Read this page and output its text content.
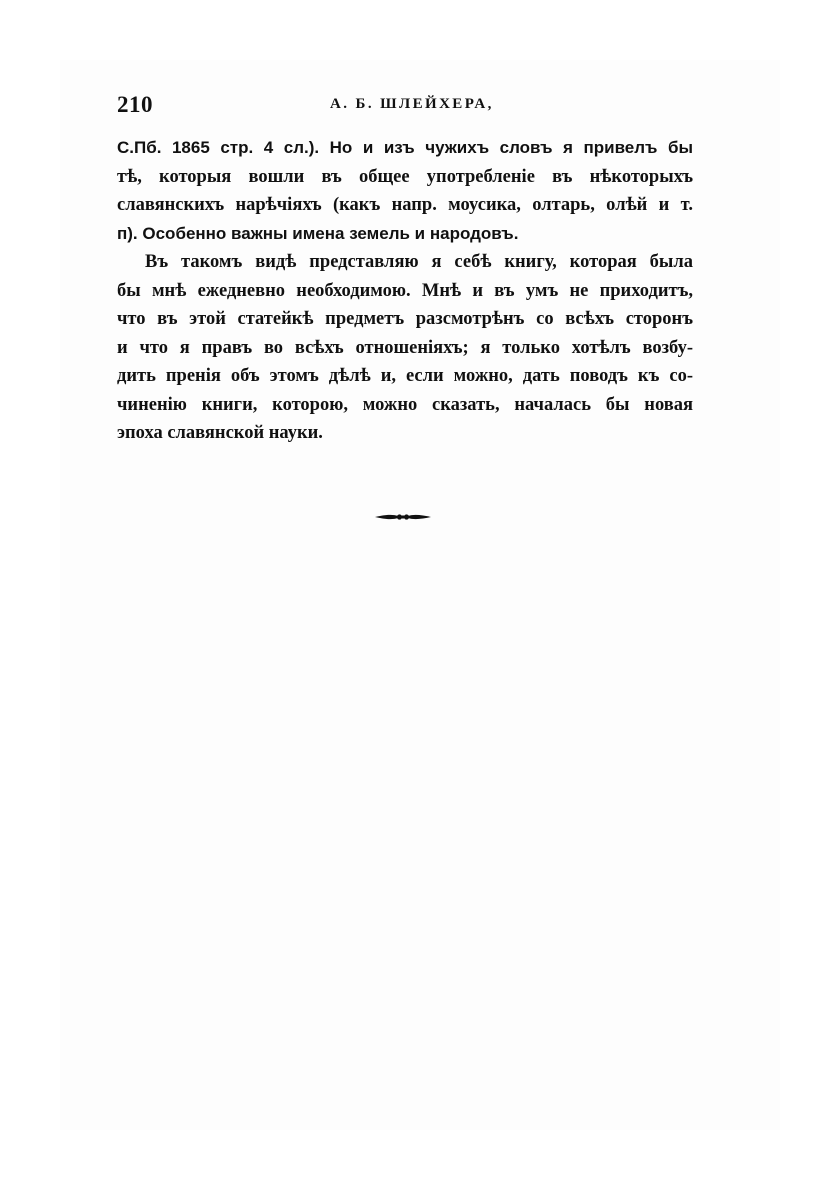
210	А. Б. ШЛЕЙХЕРА,
С.Пб. 1865 стр. 4 сл.). Но и изъ чужихъ словъ я привелъ бы
тѣ, которыя вошли въ общее употребленіе въ нѣкоторыхъ
славянскихъ нарѣчіяхъ (какъ напр. моусика, олтарь, олѣй и т.
п). Особенно важны имена земель и народовъ.
Въ такомъ видѣ представляю я себѣ книгу, которая была
бы мнѣ ежедневно необходимою. Мнѣ и въ умъ не приходитъ,
что въ этой статейкѣ предметъ разсмотрѣнъ со всѣхъ сторонъ
и что я правъ во всѣхъ отношеніяхъ; я только хотѣлъ возбу-
дить пренія объ этомъ дѣлѣ и, если можно, дать поводъ къ со-
чиненію книги, которою, можно сказать, началась бы новая
эпоха славянской науки.
